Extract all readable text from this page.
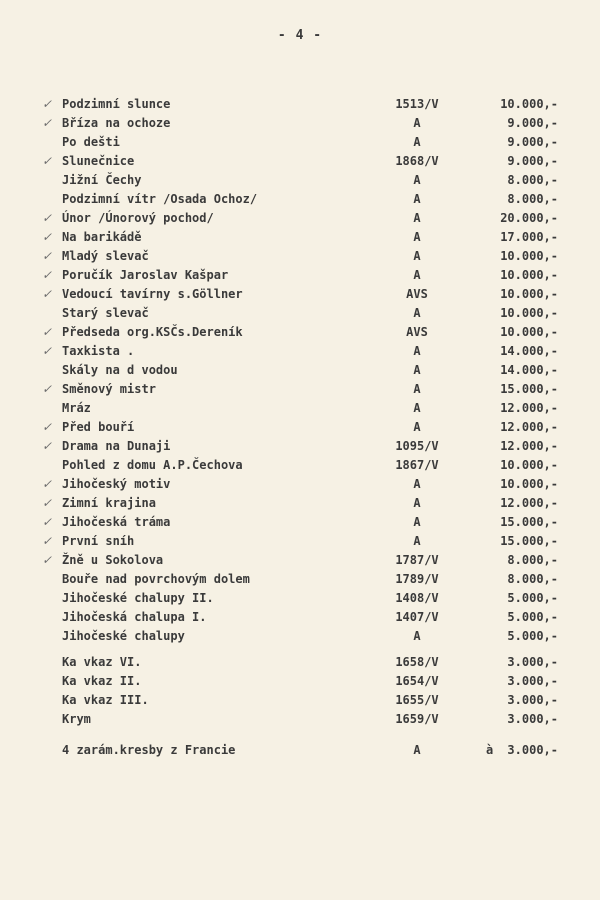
- 4 -
✓ Podzimní slunce	1513/V	10.000,-
✓ Bříza na ochoze	A	9.000,-
Po dešti	A	9.000,-
✓ Slunečnice	1868/V	9.000,-
Jižní Čechy	A	8.000,-
Podzimní vítr /Osada Ochoz/	A	8.000,-
✓ Únor /Únorový pochod/	A	20.000,-
✓ Na barikádě	A	17.000,-
✓ Mladý slevač	A	10.000,-
✓ Poručík Jaroslav Kašpar	A	10.000,-
✓ Vedoucí tavírny s.Göllner	AVS	10.000,-
Starý slevač	A	10.000,-
✓ Předseda org.KSČs.Dereník	AVS	10.000,-
✓ Taxkista .	A	14.000,-
Skály na d vodou	A	14.000,-
✓ Směnový mistr	A	15.000,-
Mráz	A	12.000,-
✓ Před bouří	A	12.000,-
✓ Drama na Dunaji	1095/V	12.000,-
Pohled z domu A.P.Čechova	1867/V	10.000,-
✓ Jihočeský motiv	A	10.000,-
✓ Zimní krajina	A	12.000,-
✓ Jihočeská tráma	A	15.000,-
✓ První sníh	A	15.000,-
✓ Žně u Sokolova	1787/V	8.000,-
Bouře nad povrchovým dolem	1789/V	8.000,-
Jihočeské chalupy II.	1408/V	5.000,-
Jihočeská chalupa I.	1407/V	5.000,-
Jihočeské chalupy	A	5.000,-
Ka vkaz VI.	1658/V	3.000,-
Ka vkaz II.	1654/V	3.000,-
Ka vkaz III.	1655/V	3.000,-
Krym	1659/V	3.000,-
4 zarám.kresby z Francie	A	à	3.000,-
